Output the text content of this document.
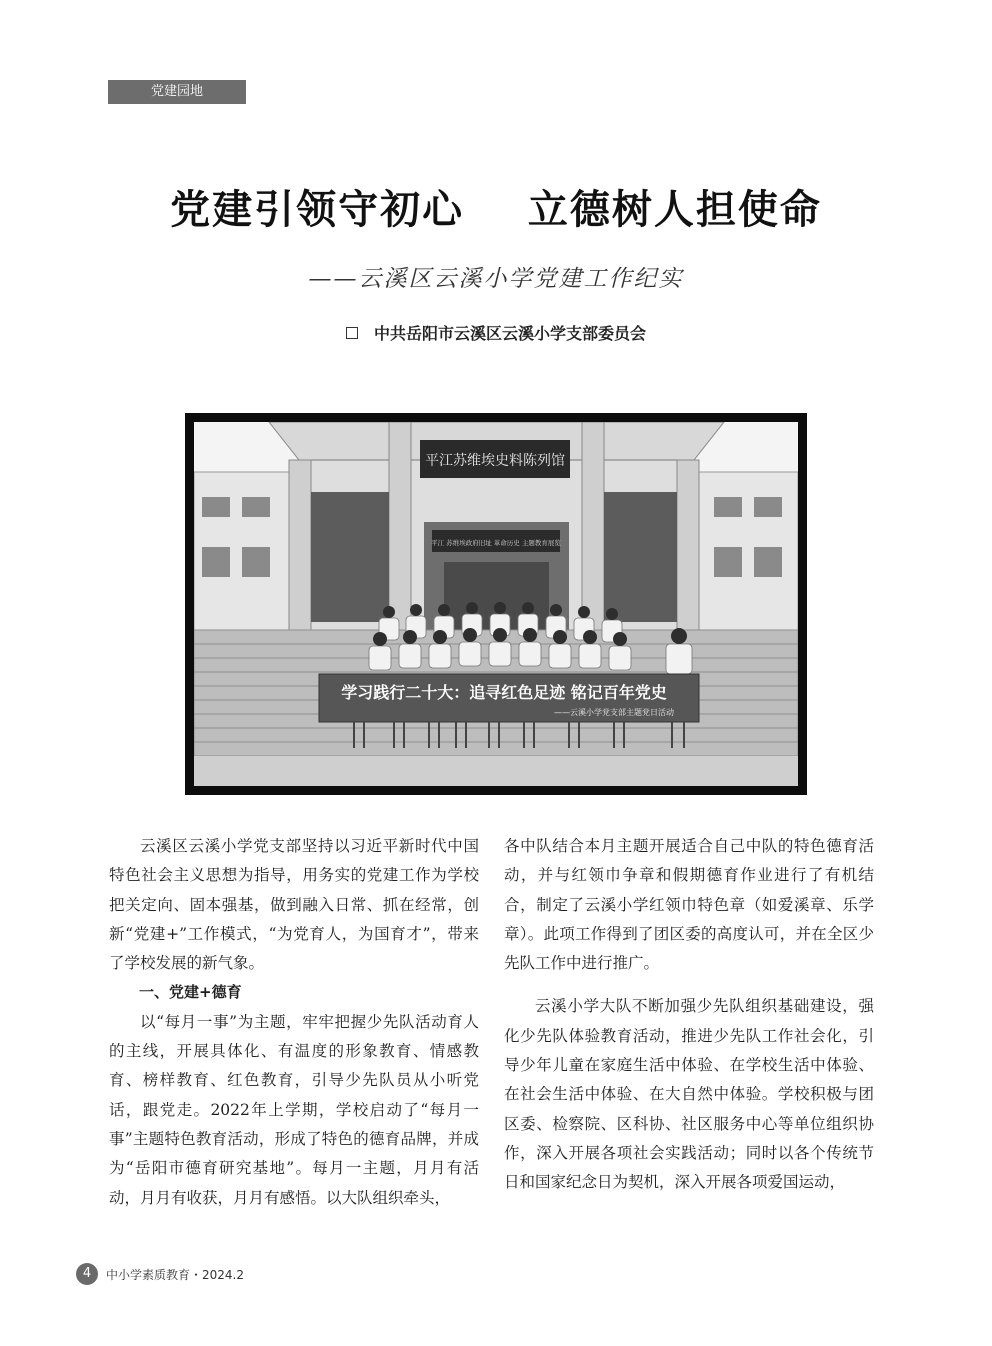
党建园地
党建引领守初心    立德树人担使命
——云溪区云溪小学党建工作纪实
中共岳阳市云溪区云溪小学支部委员会
平江苏维埃史料陈列馆
平江 苏维埃政府旧址 革命历史 主题教育展览
学习践行二十大：追寻红色足迹 铭记百年党史
——云溪小学党支部主题党日活动

云溪区云溪小学党支部坚持以习近平新时代中国特色社会主义思想为指导，用务实的党建工作为学校把关定向、固本强基，做到融入日常、抓在经常，创新“党建+”工作模式，“为党育人，为国育才”，带来了学校发展的新气象。

一、党建+德育

以“每月一事”为主题，牢牢把握少先队活动育人的主线，开展具体化、有温度的形象教育、情感教育、榜样教育、红色教育，引导少先队员从小听党话，跟党走。2022年上学期，学校启动了“每月一事”主题特色教育活动，形成了特色的德育品牌，并成为“岳阳市德育研究基地”。每月一主题，月月有活动，月月有收获，月月有感悟。以大队组织牵头，

各中队结合本月主题开展适合自己中队的特色德育活动，并与红领巾争章和假期德育作业进行了有机结合，制定了云溪小学红领巾特色章（如爱溪章、乐学章）。此项工作得到了团区委的高度认可，并在全区少先队工作中进行推广。

云溪小学大队不断加强少先队组织基础建设，强化少先队体验教育活动，推进少先队工作社会化，引导少年儿童在家庭生活中体验、在学校生活中体验、在社会生活中体验、在大自然中体验。学校积极与团区委、检察院、区科协、社区服务中心等单位组织协作，深入开展各项社会实践活动；同时以各个传统节日和国家纪念日为契机，深入开展各项爱国运动，

4	中小学素质教育・2024.2
